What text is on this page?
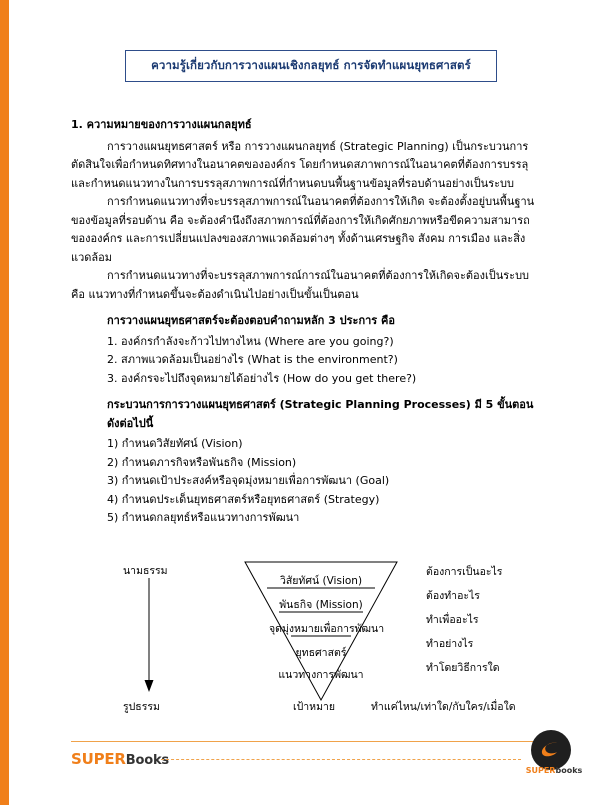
ความรู้เกี่ยวกับการวางแผนเชิงกลยุทธ์ การจัดทำแผนยุทธศาสตร์
1. ความหมายของการวางแผนกลยุทธ์

การวางแผนยุทธศาสตร์ หรือ การวางแผนกลยุทธ์ (Strategic Planning) เป็นกระบวนการตัดสินใจเพื่อกำหนดทิศทางในอนาคตขององค์กร โดยกำหนดสภาพการณ์ในอนาคตที่ต้องการบรรลุและกำหนดแนวทางในการบรรลุสภาพการณ์ที่กำหนดบนพื้นฐานข้อมูลที่รอบด้านอย่างเป็นระบบ

การกำหนดแนวทางที่จะบรรลุสภาพการณ์ในอนาคตที่ต้องการให้เกิด จะต้องตั้งอยู่บนพื้นฐานของข้อมูลที่รอบด้าน คือ จะต้องคำนึงถึงสภาพการณ์ที่ต้องการให้เกิดศักยภาพหรือขีดความสามารถขององค์กร และการเปลี่ยนแปลงของสภาพแวดล้อมต่างๆ ทั้งด้านเศรษฐกิจ สังคม การเมือง และสิ่งแวดล้อม

การกำหนดแนวทางที่จะบรรลุสภาพการณ์การณ์ในอนาคตที่ต้องการให้เกิดจะต้องเป็นระบบ คือ แนวทางที่กำหนดขึ้นจะต้องดำเนินไปอย่างเป็นขั้นเป็นตอน

การวางแผนยุทธศาสตร์จะต้องตอบคำถามหลัก 3 ประการ คือ
1. องค์กรกำลังจะก้าวไปทางไหน (Where are you going?)
2. สภาพแวดล้อมเป็นอย่างไร (What is the environment?)
3. องค์กรจะไปถึงจุดหมายได้อย่างไร (How do you get there?)
กระบวนการการวางแผนยุทธศาสตร์ (Strategic Planning Processes) มี 5 ขั้นตอนดังต่อไปนี้
1) กำหนดวิสัยทัศน์ (Vision)
2) กำหนดภารกิจหรือพันธกิจ (Mission)
3) กำหนดเป้าประสงค์หรือจุดมุ่งหมายเพื่อการพัฒนา (Goal)
4) กำหนดประเด็นยุทธศาสตร์หรือยุทธศาสตร์ (Strategy)
5) กำหนดกลยุทธ์หรือแนวทางการพัฒนา
นามธรรม
รูปธรรม
วิสัยทัศน์ (Vision)
พันธกิจ (Mission)
จุดมุ่งหมายเพื่อการพัฒนา
ยุทธศาสตร์
แนวทางการพัฒนา
ต้องการเป็นอะไร
ต้องทำอะไร
ทำเพื่ออะไร
ทำอย่างไร
ทำโดยวิธีการใด
เป้าหมาย	ทำแค่ไหน/เท่าใด/กับใคร/เมื่อใด
SUPERBooks
SUPERbooks
